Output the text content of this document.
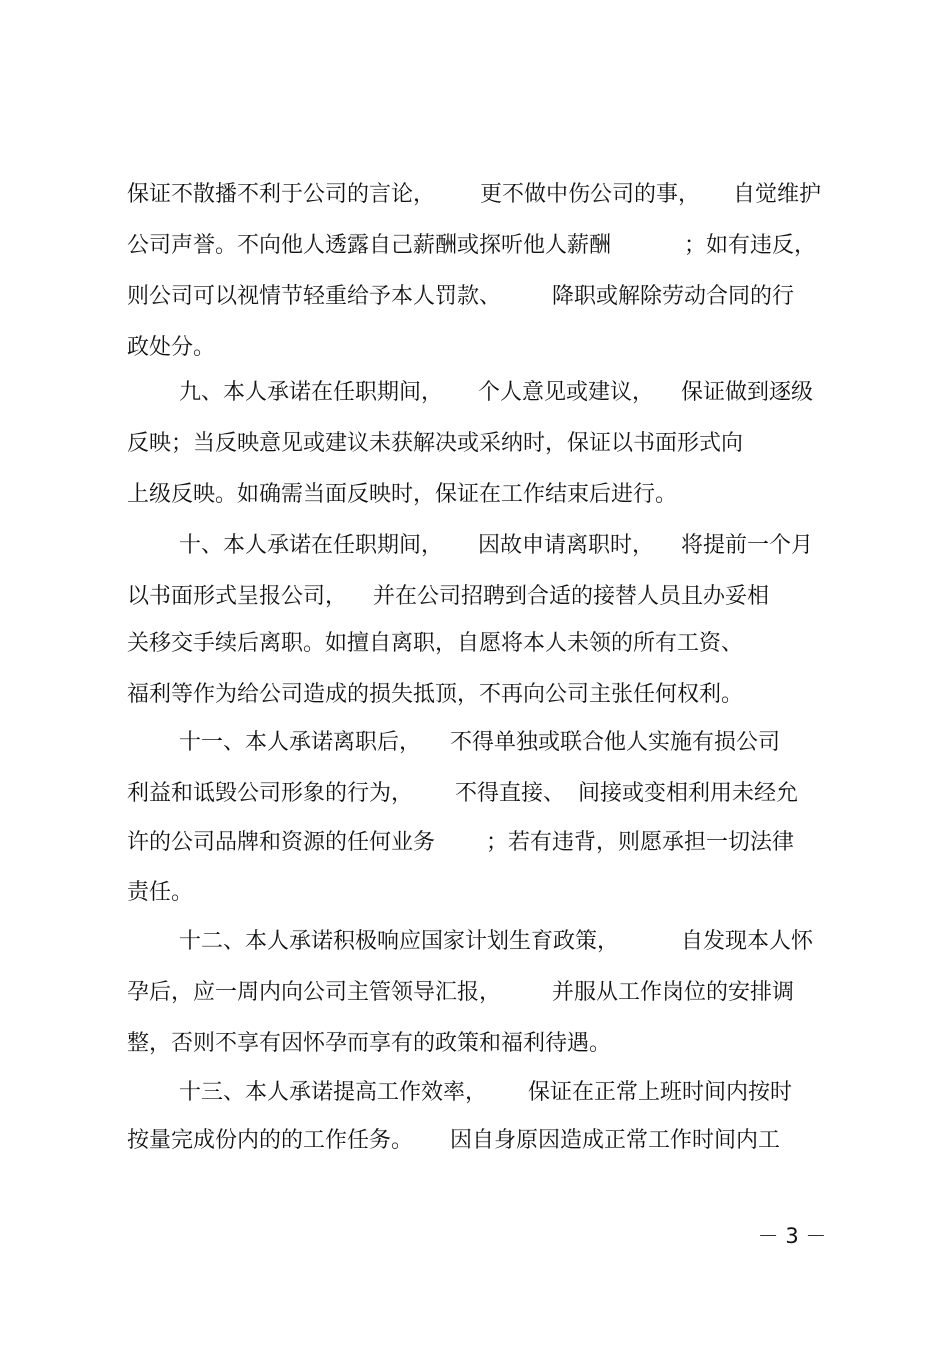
保证不散播不利于公司的言论，

更不做中伤公司的事，

自觉维护

公司声誉。不向他人透露自己薪酬或探听他人薪酬

	；如有违反，

则公司可以视情节轻重给予本人罚款、

降职或解除劳动合同的行

政处分。

九、本人承诺在任职期间，

个人意见或建议，

保证做到逐级

反映；当反映意见或建议未获解决或采纳时，保证以书面形式向

上级反映。如确需当面反映时，保证在工作结束后进行。

十、本人承诺在任职期间，

因故申请离职时，

将提前一个月

以书面形式呈报公司，

并在公司招聘到合适的接替人员且办妥相

关移交手续后离职。如擅自离职，自愿将本人未领的所有工资、

福利等作为给公司造成的损失抵顶，不再向公司主张任何权利。

十一、本人承诺离职后，

不得单独或联合他人实施有损公司

利益和诋毁公司形象的行为，

不得直接、

间接或变相利用未经允

许的公司品牌和资源的任何业务

；若有违背，则愿承担一切法律

责任。

十二、本人承诺积极响应国家计划生育政策，

	自发现本人怀

孕后，应一周内向公司主管领导汇报，

并服从工作岗位的安排调

整，否则不享有因怀孕而享有的政策和福利待遇。

十三、本人承诺提高工作效率，

保证在正常上班时间内按时

按量完成份内的的工作任务。

因自身原因造成正常工作时间内工

－ 3 －
